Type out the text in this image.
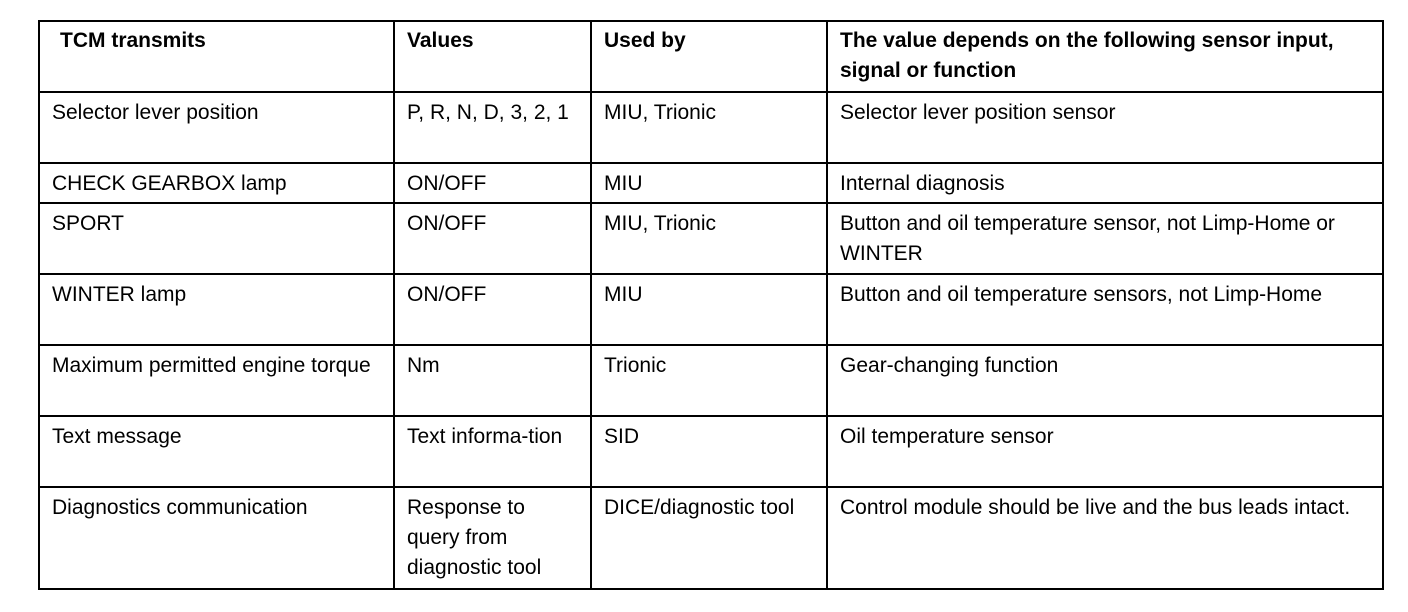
TCM transmits	Values	Used by	The value depends on the following sensor input, signal or function
Selector lever position	P, R, N, D, 3, 2, 1	MIU, Trionic	Selector lever position sensor
CHECK GEARBOX lamp	ON/OFF	MIU	Internal diagnosis
SPORT	ON/OFF	MIU, Trionic	Button and oil temperature sensor, not Limp-Home or WINTER
WINTER lamp	ON/OFF	MIU	Button and oil temperature sensors, not Limp-Home
Maximum permitted engine torque	Nm	Trionic	Gear-changing function
Text message	Text informa-tion	SID	Oil temperature sensor
Diagnostics communication	Response to query from diagnostic tool	DICE/diagnostic tool	Control module should be live and the bus leads intact.
